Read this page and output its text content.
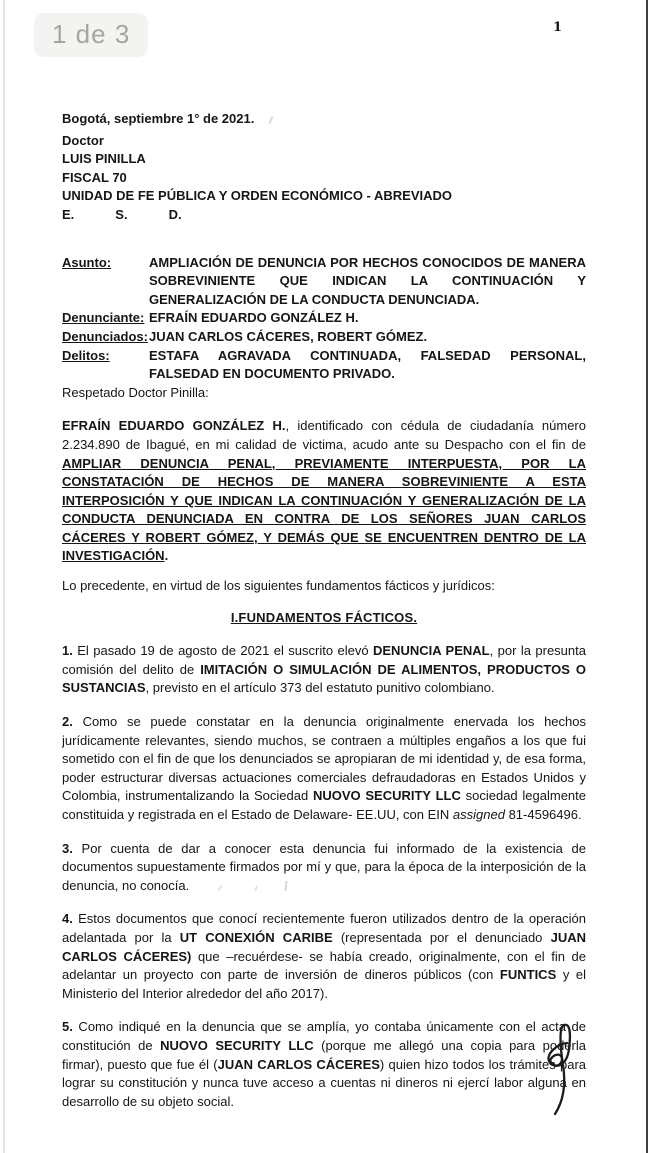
1 de 3	1

Bogotá, septiembre 1° de 2021.

Doctor
LUIS PINILLA
FISCAL 70
UNIDAD DE FE PÚBLICA Y ORDEN ECONÓMICO - ABREVIADO
E.	S.	D.
Asunto:	AMPLIACIÓN DE DENUNCIA POR HECHOS CONOCIDOS DE MANERA SOBREVINIENTE QUE INDICAN LA CONTINUACIÓN Y GENERALIZACIÓN DE LA CONDUCTA DENUNCIADA.
Denunciante: EFRAÍN EDUARDO GONZÁLEZ H.
Denunciados: JUAN CARLOS CÁCERES, ROBERT GÓMEZ.
Delitos:	ESTAFA AGRAVADA CONTINUADA, FALSEDAD PERSONAL, FALSEDAD EN DOCUMENTO PRIVADO.

Respetado Doctor Pinilla:

EFRAÍN EDUARDO GONZÁLEZ H., identificado con cédula de ciudadanía número 2.234.890 de Ibagué, en mi calidad de victima, acudo ante su Despacho con el fin de AMPLIAR DENUNCIA PENAL, PREVIAMENTE INTERPUESTA, POR LA CONSTATACIÓN DE HECHOS DE MANERA SOBREVINIENTE A ESTA INTERPOSICIÓN Y QUE INDICAN LA CONTINUACIÓN Y GENERALIZACIÓN DE LA CONDUCTA DENUNCIADA EN CONTRA DE LOS SEÑORES JUAN CARLOS CÁCERES Y ROBERT GÓMEZ, Y DEMÁS QUE SE ENCUENTREN DENTRO DE LA INVESTIGACIÓN.

Lo precedente, en virtud de los siguientes fundamentos fácticos y jurídicos:

I.FUNDAMENTOS FÁCTICOS.

1. El pasado 19 de agosto de 2021 el suscrito elevó DENUNCIA PENAL, por la presunta comisión del delito de IMITACIÓN O SIMULACIÓN DE ALIMENTOS, PRODUCTOS O SUSTANCIAS, previsto en el artículo 373 del estatuto punitivo colombiano.

2. Como se puede constatar en la denuncia originalmente enervada los hechos jurídicamente relevantes, siendo muchos, se contraen a múltiples engaños a los que fui sometido con el fin de que los denunciados se apropiaran de mi identidad y, de esa forma, poder estructurar diversas actuaciones comerciales defraudadoras en Estados Unidos y Colombia, instrumentalizando la Sociedad NUOVO SECURITY LLC sociedad legalmente constituida y registrada en el Estado de Delaware- EE.UU, con EIN assigned 81-4596496.

3. Por cuenta de dar a conocer esta denuncia fui informado de la existencia de documentos supuestamente firmados por mí y que, para la época de la interposición de la denuncia, no conocía.

4. Estos documentos que conocí recientemente fueron utilizados dentro de la operación adelantada por la UT CONEXIÓN CARIBE (representada por el denunciado JUAN CARLOS CÁCERES) que –recuérdese- se había creado, originalmente, con el fin de adelantar un proyecto con parte de inversión de dineros públicos (con FUNTICS y el Ministerio del Interior alrededor del año 2017).

5. Como indiqué en la denuncia que se amplía, yo contaba únicamente con el acta de constitución de NUOVO SECURITY LLC (porque me allegó una copia para poderla firmar), puesto que fue él (JUAN CARLOS CÁCERES) quien hizo todos los trámites para lograr su constitución y nunca tuve acceso a cuentas ni dineros ni ejercí labor alguna en desarrollo de su objeto social.
